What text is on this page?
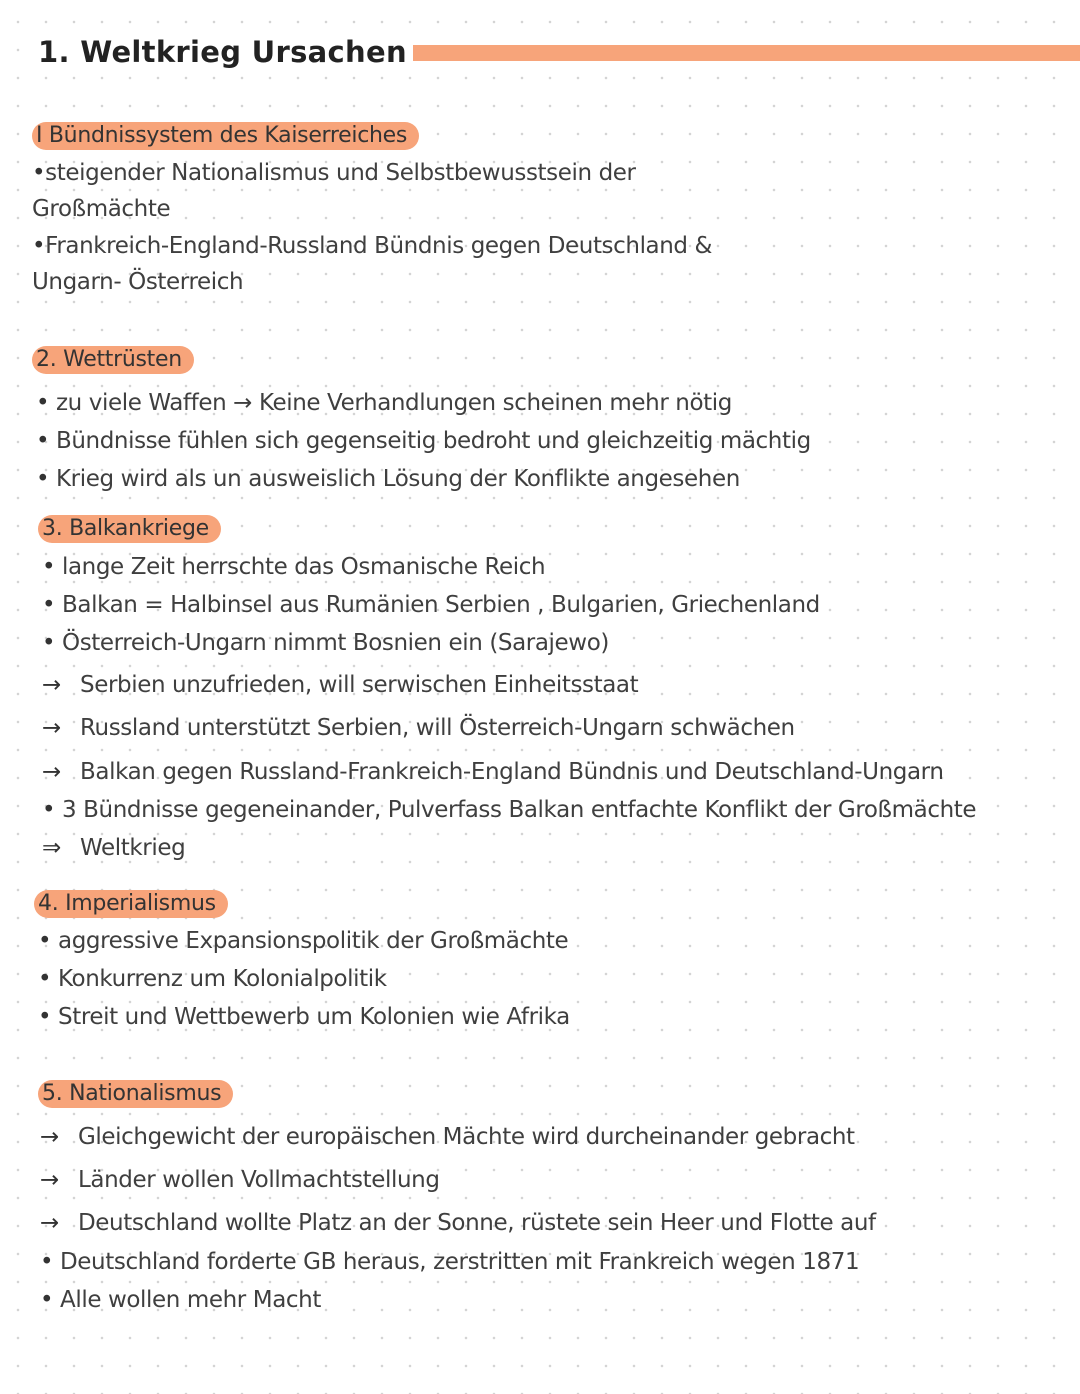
1. Weltkrieg Ursachen
I Bündnissystem des Kaiserreiches
•steigender Nationalismus und Selbstbewusstsein der
Großmächte
•Frankreich-England-Russland Bündnis gegen Deutschland &
Ungarn- Österreich
2. Wettrüsten
• zu viele Waffen → Keine Verhandlungen scheinen mehr nötig
• Bündnisse fühlen sich gegenseitig bedroht und gleichzeitig mächtig
• Krieg wird als un ausweislich Lösung der Konflikte angesehen
3. Balkankriege
• lange Zeit herrschte das Osmanische Reich
• Balkan = Halbinsel aus Rumänien Serbien , Bulgarien, Griechenland
• Österreich-Ungarn nimmt Bosnien ein (Sarajewo)
→ Serbien unzufrieden, will serwischen Einheitsstaat
→ Russland unterstützt Serbien, will Österreich-Ungarn schwächen
→ Balkan gegen Russland-Frankreich-England Bündnis und Deutschland-Ungarn
• 3 Bündnisse gegeneinander, Pulverfass Balkan entfachte Konflikt der Großmächte
⇒ Weltkrieg
4. Imperialismus
• aggressive Expansionspolitik der Großmächte
• Konkurrenz um Kolonialpolitik
• Streit und Wettbewerb um Kolonien wie Afrika
5. Nationalismus
→ Gleichgewicht der europäischen Mächte wird durcheinander gebracht
→ Länder wollen Vollmachtstellung
→ Deutschland wollte Platz an der Sonne, rüstete sein Heer und Flotte auf
• Deutschland forderte GB heraus, zerstritten mit Frankreich wegen 1871
• Alle wollen mehr Macht
